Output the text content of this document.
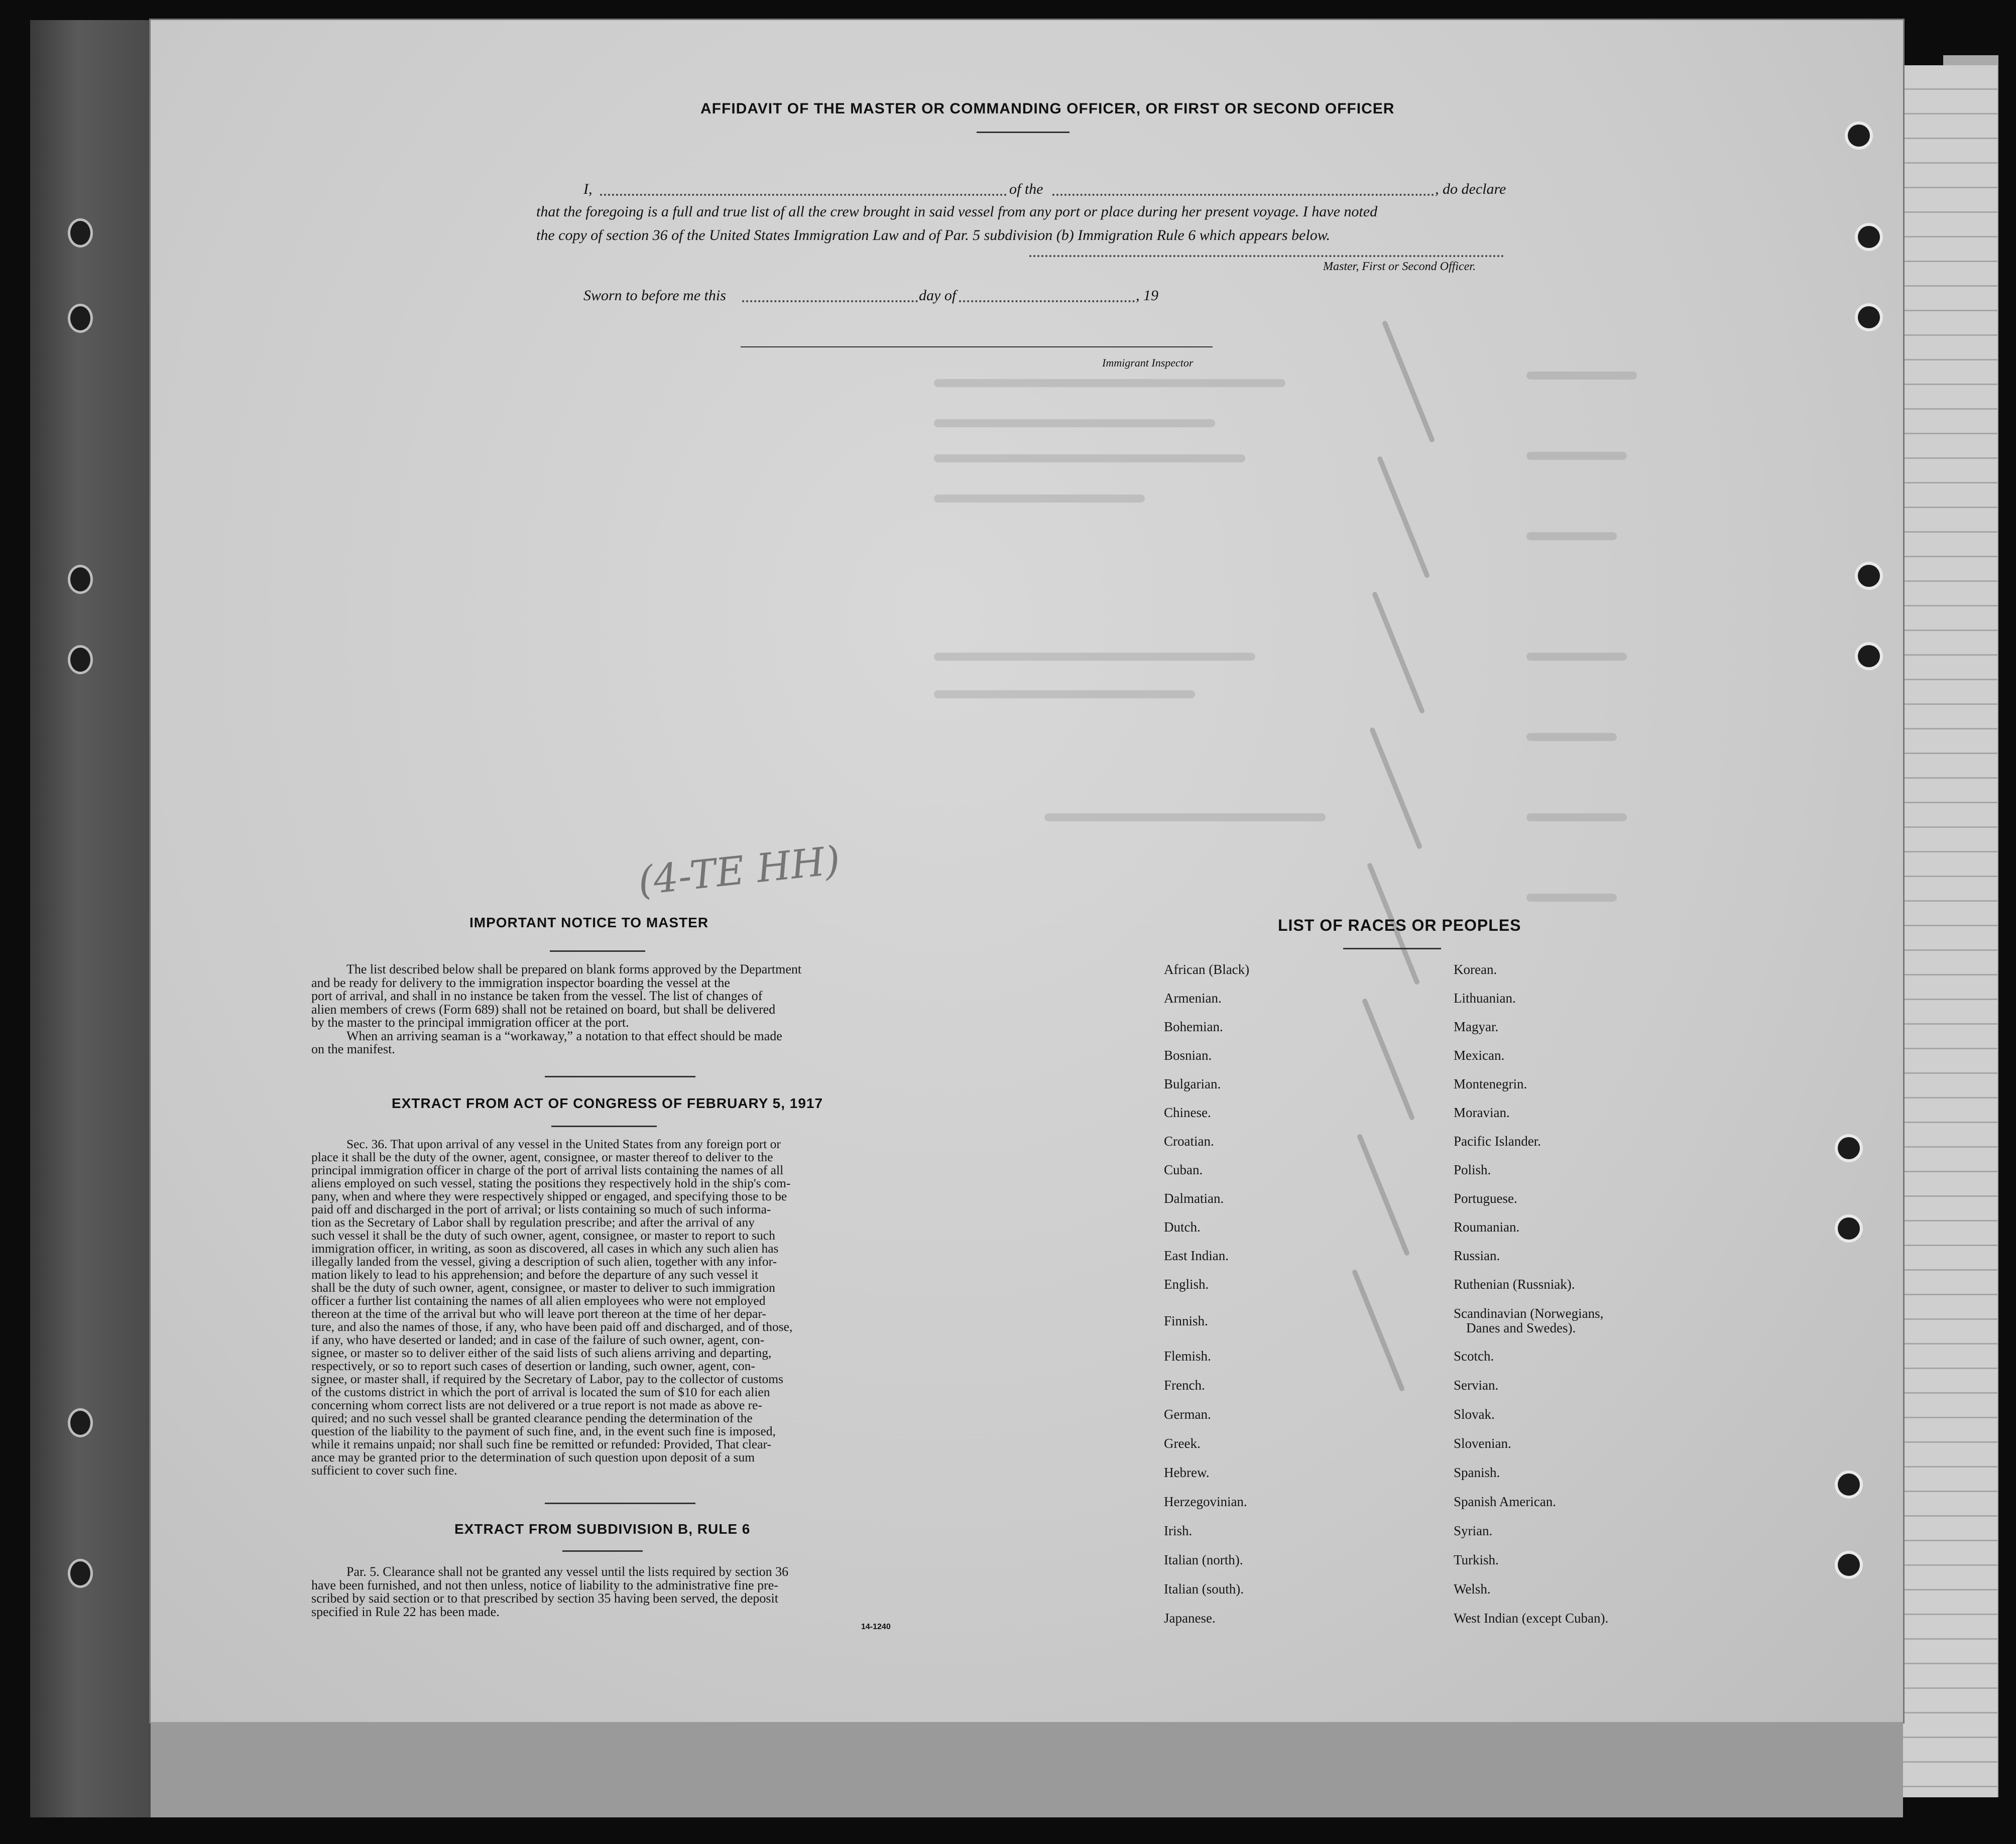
(4-TE HH)
AFFIDAVIT OF THE MASTER OR COMMANDING OFFICER, OR FIRST OR SECOND OFFICER
I,	of the	, do declare
that the foregoing is a full and true list of all the crew brought in said vessel from any port or place during her present voyage. I have noted
the copy of section 36 of the United States Immigration Law and of Par. 5 subdivision (b) Immigration Rule 6 which appears below.
Master, First or Second Officer.
Sworn to before me this	day of	, 19
Immigrant Inspector
IMPORTANT NOTICE TO MASTER
The list described below shall be prepared on blank forms approved by the Department
and be ready for delivery to the immigration inspector boarding the vessel at the
port of arrival, and shall in no instance be taken from the vessel. The list of changes of
alien members of crews (Form 689) shall not be retained on board, but shall be delivered
by the master to the principal immigration officer at the port.
When an arriving seaman is a “workaway,” a notation to that effect should be made
on the manifest.
EXTRACT FROM ACT OF CONGRESS OF FEBRUARY 5, 1917
Sec. 36. That upon arrival of any vessel in the United States from any foreign port or
place it shall be the duty of the owner, agent, consignee, or master thereof to deliver to the
principal immigration officer in charge of the port of arrival lists containing the names of all
aliens employed on such vessel, stating the positions they respectively hold in the ship's com-
pany, when and where they were respectively shipped or engaged, and specifying those to be
paid off and discharged in the port of arrival; or lists containing so much of such informa-
tion as the Secretary of Labor shall by regulation prescribe; and after the arrival of any
such vessel it shall be the duty of such owner, agent, consignee, or master to report to such
immigration officer, in writing, as soon as discovered, all cases in which any such alien has
illegally landed from the vessel, giving a description of such alien, together with any infor-
mation likely to lead to his apprehension; and before the departure of any such vessel it
shall be the duty of such owner, agent, consignee, or master to deliver to such immigration
officer a further list containing the names of all alien employees who were not employed
thereon at the time of the arrival but who will leave port thereon at the time of her depar-
ture, and also the names of those, if any, who have been paid off and discharged, and of those,
if any, who have deserted or landed; and in case of the failure of such owner, agent, con-
signee, or master so to deliver either of the said lists of such aliens arriving and departing,
respectively, or so to report such cases of desertion or landing, such owner, agent, con-
signee, or master shall, if required by the Secretary of Labor, pay to the collector of customs
of the customs district in which the port of arrival is located the sum of $10 for each alien
concerning whom correct lists are not delivered or a true report is not made as above re-
quired; and no such vessel shall be granted clearance pending the determination of the
question of the liability to the payment of such fine, and, in the event such fine is imposed,
while it remains unpaid; nor shall such fine be remitted or refunded: Provided, That clear-
ance may be granted prior to the determination of such question upon deposit of a sum
sufficient to cover such fine.
EXTRACT FROM SUBDIVISION B, RULE 6
Par. 5. Clearance shall not be granted any vessel until the lists required by section 36
have been furnished, and not then unless, notice of liability to the administrative fine pre-
scribed by said section or to that prescribed by section 35 having been served, the deposit
specified in Rule 22 has been made.
14-1240
LIST OF RACES OR PEOPLES
African (Black)
Armenian.
Bohemian.
Bosnian.
Bulgarian.
Chinese.
Croatian.
Cuban.
Dalmatian.
Dutch.
East Indian.
English.
Finnish.
Flemish.
French.
German.
Greek.
Hebrew.
Herzegovinian.
Irish.
Italian (north).
Italian (south).
Japanese.
Korean.
Lithuanian.
Magyar.
Mexican.
Montenegrin.
Moravian.
Pacific Islander.
Polish.
Portuguese.
Roumanian.
Russian.
Ruthenian (Russniak).
Scandinavian (Norwegians,
Danes and Swedes).
Scotch.
Servian.
Slovak.
Slovenian.
Spanish.
Spanish American.
Syrian.
Turkish.
Welsh.
West Indian (except Cuban).
